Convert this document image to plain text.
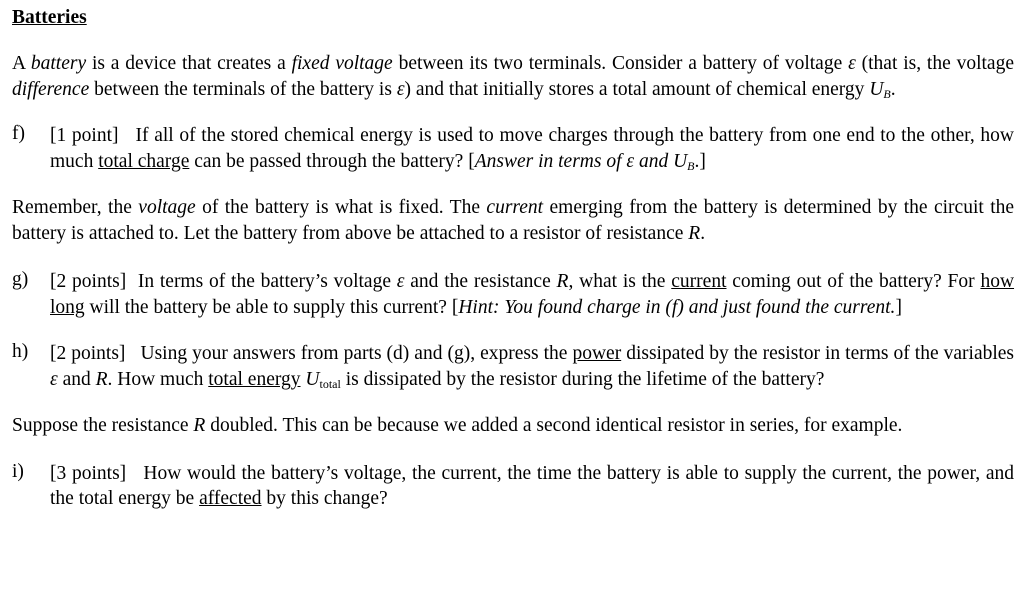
Batteries

A battery is a device that creates a fixed voltage between its two terminals. Consider a battery of voltage ε (that is, the voltage difference between the terminals of the battery is ε) and that initially stores a total amount of chemical energy $U_B$.

f)	[1 point] If all of the stored chemical energy is used to move charges through the battery from one end to the other, how much total charge can be passed through the battery? [Answer in terms of ε and $U_B$.]

Remember, the voltage of the battery is what is fixed. The current emerging from the battery is determined by the circuit the battery is attached to. Let the battery from above be attached to a resistor of resistance R.

g)	[2 points] In terms of the battery’s voltage ε and the resistance R, what is the current coming out of the battery? For how long will the battery be able to supply this current? [Hint: You found charge in (f) and just found the current.]
h)	[2 points] Using your answers from parts (d) and (g), express the power dissipated by the resistor in terms of the variables ε and R. How much total energy $U_{total}$ is dissipated by the resistor during the lifetime of the battery?

Suppose the resistance R doubled. This can be because we added a second identical resistor in series, for example.

i)	[3 points] How would the battery’s voltage, the current, the time the battery is able to supply the current, the power, and the total energy be affected by this change?
